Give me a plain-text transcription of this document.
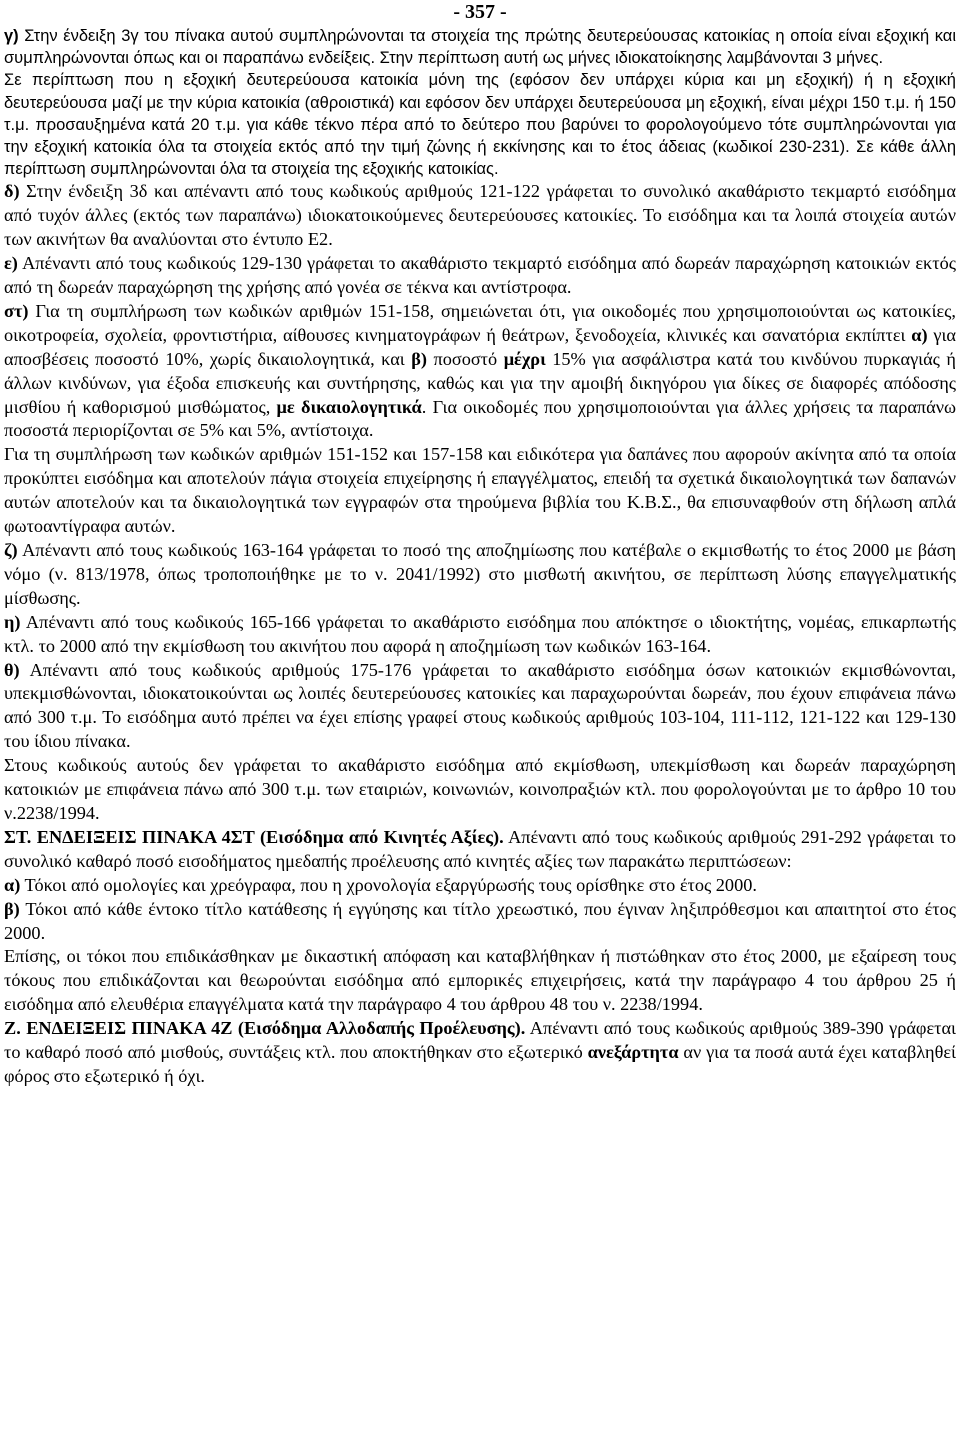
- 357 -

γ) Στην ένδειξη 3γ του πίνακα αυτού συμπληρώνονται τα στοιχεία της πρώτης δευτερεύουσας κατοικίας η οποία είναι εξοχική και συμπληρώνονται όπως και οι παραπάνω ενδείξεις. Στην περίπτωση αυτή ως μήνες ιδιοκατοίκησης λαμβάνονται 3 μήνες.

Σε περίπτωση που η εξοχική δευτερεύουσα κατοικία μόνη της (εφόσον δεν υπάρχει κύρια και μη εξοχική) ή η εξοχική δευτερεύουσα μαζί με την κύρια κατοικία (αθροιστικά) και εφόσον δεν υπάρχει δευτερεύουσα μη εξοχική, είναι μέχρι 150 τ.μ. ή 150 τ.μ. προσαυξημένα κατά 20 τ.μ. για κάθε τέκνο πέρα από το δεύτερο που βαρύνει το φορολογούμενο τότε συμπληρώνονται για την εξοχική κατοικία όλα τα στοιχεία εκτός από την τιμή ζώνης ή εκκίνησης και το έτος άδειας (κωδικοί 230-231). Σε κάθε άλλη περίπτωση συμπληρώνονται όλα τα στοιχεία της εξοχικής κατοικίας.

δ) Στην ένδειξη 3δ και απέναντι από τους κωδικούς αριθμούς 121-122 γράφεται το συνολικό ακαθάριστο τεκμαρτό εισόδημα από τυχόν άλλες (εκτός των παραπάνω) ιδιοκατοικούμενες δευτερεύουσες κατοικίες. Το εισόδημα και τα λοιπά στοιχεία αυτών των ακινήτων θα αναλύονται στο έντυπο Ε2.

ε) Απέναντι από τους κωδικούς 129-130 γράφεται το ακαθάριστο τεκμαρτό εισόδημα από δωρεάν παραχώρηση κατοικιών εκτός από τη δωρεάν παραχώρηση της χρήσης από γονέα σε τέκνα και αντίστροφα.

στ) Για τη συμπλήρωση των κωδικών αριθμών 151-158, σημειώνεται ότι, για οικοδομές που χρησιμοποιούνται ως κατοικίες, οικοτροφεία, σχολεία, φροντιστήρια, αίθουσες κινηματογράφων ή θεάτρων, ξενοδοχεία, κλινικές και σανατόρια εκπίπτει α) για αποσβέσεις ποσοστό 10%, χωρίς δικαιολογητικά, και β) ποσοστό μέχρι 15% για ασφάλιστρα κατά του κινδύνου πυρκαγιάς ή άλλων κινδύνων, για έξοδα επισκευής και συντήρησης, καθώς και για την αμοιβή δικηγόρου για δίκες σε διαφορές απόδοσης μισθίου ή καθορισμού μισθώματος, με δικαιολογητικά. Για οικοδομές που χρησιμοποιούνται για άλλες χρήσεις τα παραπάνω ποσοστά περιορίζονται σε 5% και 5%, αντίστοιχα.

Για τη συμπλήρωση των κωδικών αριθμών 151-152 και 157-158 και ειδικότερα για δαπάνες που αφορούν ακίνητα από τα οποία προκύπτει εισόδημα και αποτελούν πάγια στοιχεία επιχείρησης ή επαγγέλματος, επειδή τα σχετικά δικαιολογητικά των δαπανών αυτών αποτελούν και τα δικαιολογητικά των εγγραφών στα τηρούμενα βιβλία του Κ.Β.Σ., θα επισυναφθούν στη δήλωση απλά φωτοαντίγραφα αυτών.

ζ) Απέναντι από τους κωδικούς 163-164 γράφεται το ποσό της αποζημίωσης που κατέβαλε ο εκμισθωτής το έτος 2000 με βάση νόμο (ν. 813/1978, όπως τροποποιήθηκε με το ν. 2041/1992) στο μισθωτή ακινήτου, σε περίπτωση λύσης επαγγελματικής μίσθωσης.

η) Απέναντι από τους κωδικούς 165-166 γράφεται το ακαθάριστο εισόδημα που απόκτησε ο ιδιοκτήτης, νομέας, επικαρπωτής κτλ. το 2000 από την εκμίσθωση του ακινήτου που αφορά η αποζημίωση των κωδικών 163-164.

θ) Απέναντι από τους κωδικούς αριθμούς 175-176 γράφεται το ακαθάριστο εισόδημα όσων κατοικιών εκμισθώνονται, υπεκμισθώνονται, ιδιοκατοικούνται ως λοιπές δευτερεύουσες κατοικίες και παραχωρούνται δωρεάν, που έχουν επιφάνεια πάνω από 300 τ.μ. Το εισόδημα αυτό πρέπει να έχει επίσης γραφεί στους κωδικούς αριθμούς 103-104, 111-112, 121-122 και 129-130 του ίδιου πίνακα.

Στους κωδικούς αυτούς δεν γράφεται το ακαθάριστο εισόδημα από εκμίσθωση, υπεκμίσθωση και δωρεάν παραχώρηση κατοικιών με επιφάνεια πάνω από 300 τ.μ. των εταιριών, κοινωνιών, κοινοπραξιών κτλ. που φορολογούνται με το άρθρο 10 του ν.2238/1994.

ΣΤ. ΕΝΔΕΙΞΕΙΣ ΠΙΝΑΚΑ 4ΣΤ (Εισόδημα από Κινητές Αξίες). Απέναντι από τους κωδικούς αριθμούς 291-292 γράφεται το συνολικό καθαρό ποσό εισοδήματος ημεδαπής προέλευσης από κινητές αξίες των παρακάτω περιπτώσεων:

α) Τόκοι από ομολογίες και χρεόγραφα, που η χρονολογία εξαργύρωσής τους ορίσθηκε στο έτος 2000.

β) Τόκοι από κάθε έντοκο τίτλο κατάθεσης ή εγγύησης και τίτλο χρεωστικό, που έγιναν ληξιπρόθεσμοι και απαιτητοί στο έτος 2000.

Επίσης, οι τόκοι που επιδικάσθηκαν με δικαστική απόφαση και καταβλήθηκαν ή πιστώθηκαν στο έτος 2000, με εξαίρεση τους τόκους που επιδικάζονται και θεωρούνται εισόδημα από εμπορικές επιχειρήσεις, κατά την παράγραφο 4 του άρθρου 25 ή εισόδημα από ελευθέρια επαγγέλματα κατά την παράγραφο 4 του άρθρου 48 του ν. 2238/1994.

Ζ. ΕΝΔΕΙΞΕΙΣ ΠΙΝΑΚΑ 4Ζ (Εισόδημα Αλλοδαπής Προέλευσης). Απέναντι από τους κωδικούς αριθμούς 389-390 γράφεται το καθαρό ποσό από μισθούς, συντάξεις κτλ. που αποκτήθηκαν στο εξωτερικό ανεξάρτητα αν για τα ποσά αυτά έχει καταβληθεί φόρος στο εξωτερικό ή όχι.
